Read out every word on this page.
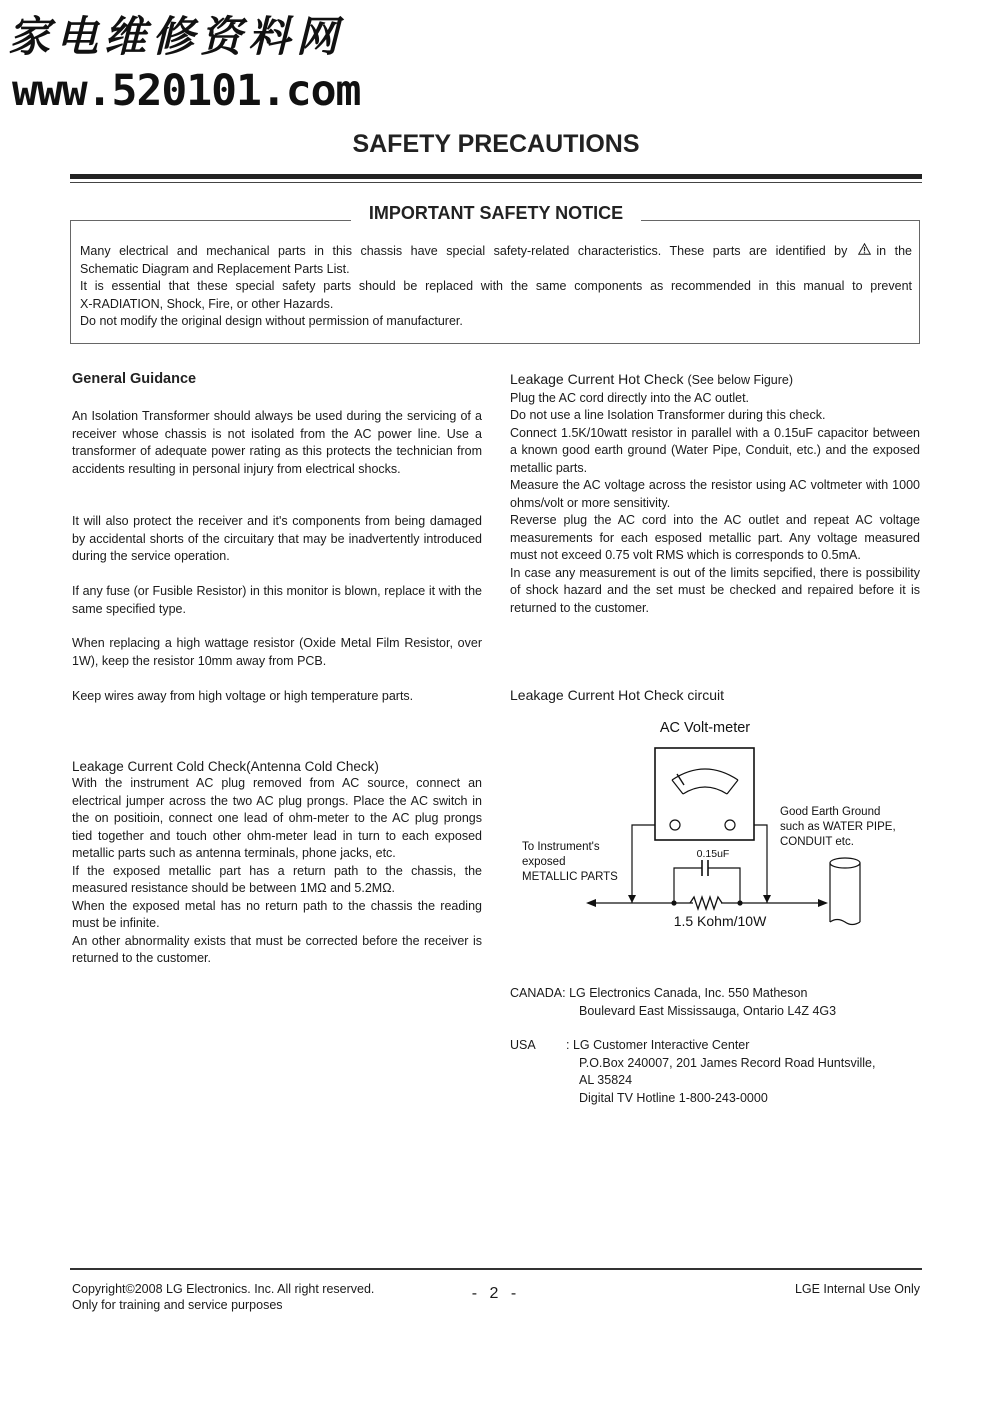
家电维修资料网
www.520101.com
SAFETY PRECAUTIONS
IMPORTANT SAFETY NOTICE
Many electrical and mechanical parts in this chassis have special safety-related characteristics. These parts are identified by in the
Schematic Diagram and Replacement Parts List.
It is essential that these special safety parts should be replaced with the same components as recommended in this manual to prevent
X-RADIATION, Shock, Fire, or other Hazards.
Do not modify the original design without permission of manufacturer.
General Guidance
An Isolation Transformer should always be used during the servicing of a receiver whose chassis is not isolated from the AC power line. Use a transformer of adequate power rating as this protects the technician from accidents resulting in personal injury from electrical shocks.
It will also protect the receiver and it's components from being damaged by accidental shorts of the circuitary that may be inadvertently introduced during the service operation.
If any fuse (or Fusible Resistor) in this monitor is blown, replace it with the same specified type.
When replacing a high wattage resistor (Oxide Metal Film Resistor, over 1W), keep the resistor 10mm away from PCB.
Keep wires away from high voltage or high temperature parts.
Leakage Current Cold Check(Antenna Cold Check)
With the instrument AC plug removed from AC source, connect an electrical jumper across the two AC plug prongs. Place the AC switch in the on positioin, connect one lead of ohm-meter to the AC plug prongs tied together and touch other ohm-meter lead in turn to each exposed metallic parts such as antenna terminals, phone jacks, etc.
If the exposed metallic part has a return path to the chassis, the measured resistance should be between 1MΩ and 5.2MΩ.
When the exposed metal has no return path to the chassis the reading must be infinite.
An other abnormality exists that must be corrected before the receiver is returned to the customer.
Leakage Current Hot Check (See below Figure)
Plug the AC cord directly into the AC outlet.
Do not use a line Isolation Transformer during this check.
Connect 1.5K/10watt resistor in parallel with a 0.15uF capacitor between a known good earth ground (Water Pipe, Conduit, etc.) and the exposed metallic parts.
Measure the AC voltage across the resistor using AC voltmeter with 1000 ohms/volt or more sensitivity.
Reverse plug the AC cord into the AC outlet and repeat AC voltage measurements for each esposed metallic part. Any voltage measured must not exceed 0.75 volt RMS which is corresponds to 0.5mA.
In case any measurement is out of the limits sepcified, there is possibility of shock hazard and the set must be checked and repaired before it is returned to the customer.
Leakage Current Hot Check circuit
AC Volt-meter
0.15uF
1.5 Kohm/10W
To Instrument's
exposed
METALLIC PARTS
Good Earth Ground
such as WATER PIPE,
CONDUIT etc.
CANADA: LG Electronics Canada, Inc. 550 Matheson
Boulevard East Mississauga, Ontario L4Z 4G3
USA : LG Customer Interactive Center
P.O.Box 240007, 201 James Record Road Huntsville,
AL 35824
Digital TV Hotline 1-800-243-0000
Copyright©2008 LG Electronics. Inc. All right reserved.
Only for training and service purposes
- 2 -	LGE Internal Use Only
